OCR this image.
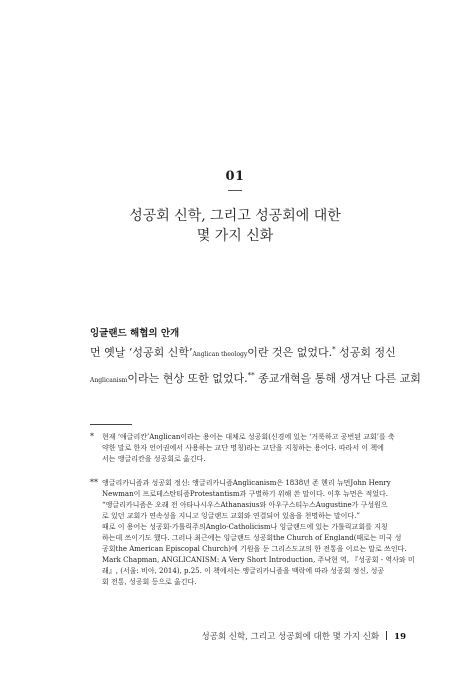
01
성공회 신학, 그리고 성공회에 대한
몇 가지 신화
잉글랜드 해협의 안개
먼 옛날 ‘성공회 신학’Anglican theology이란 것은 없었다.* 성공회 정신
Anglicanism이라는 현상 또한 없었다.** 종교개혁을 통해 생겨난 다른 교회
* 현재 ‘애글리칸’Anglican이라는 용어는 대체로 성공회(신경에 있는 ‘거룩하고 공번된 교회’를 축
약한 말로 한자 언어권에서 사용하는 교단 명칭)라는 교단을 지칭하는 용어다. 따라서 이 책에
서는 앵글리칸을 성공회로 옮긴다.
** 앵글리카니즘과 성공회 정신: 앵글리카니즘Anglicanism은 1838년 존 헨리 뉴먼John Henry
Newman이 프로테스탄티즘Protestantism과 구별하기 위해 쓴 말이다. 이후 뉴먼은 적었다.
“앵글리카니즘은 오래 전 아타나시우스Athanasius와 아우구스티누스Augustine가 구성원으
로 있던 교회가 연속성을 지니고 잉글랜드 교회와 연결되어 있음을 천명하는 말이다.”
때로 이 용어는 성공회-가톨릭주의Anglo-Catholicism나 잉글랜드에 있는 가톨릭교회를 지칭
하는데 쓰이기도 했다. 그러나 최근에는 잉글랜드 성공회the Church of England(때로는 미국 성
공회the American Episcopal Church)에 기원을 둔 그리스도교의 한 전통을 이르는 말로 쓰인다.
Mark Chapman, ANGLICANISM: A Very Short Introduction, 주낙현 역, 『성공회 - 역사와 미
래』, (서울: 비아, 2014), p.25. 이 책에서는 앵글리카니즘을 맥락에 따라 성공회 정신, 성공
회 전통, 성공회 등으로 옮긴다.
성공회 신학, 그리고 성공회에 대한 몇 가지 신화 19
